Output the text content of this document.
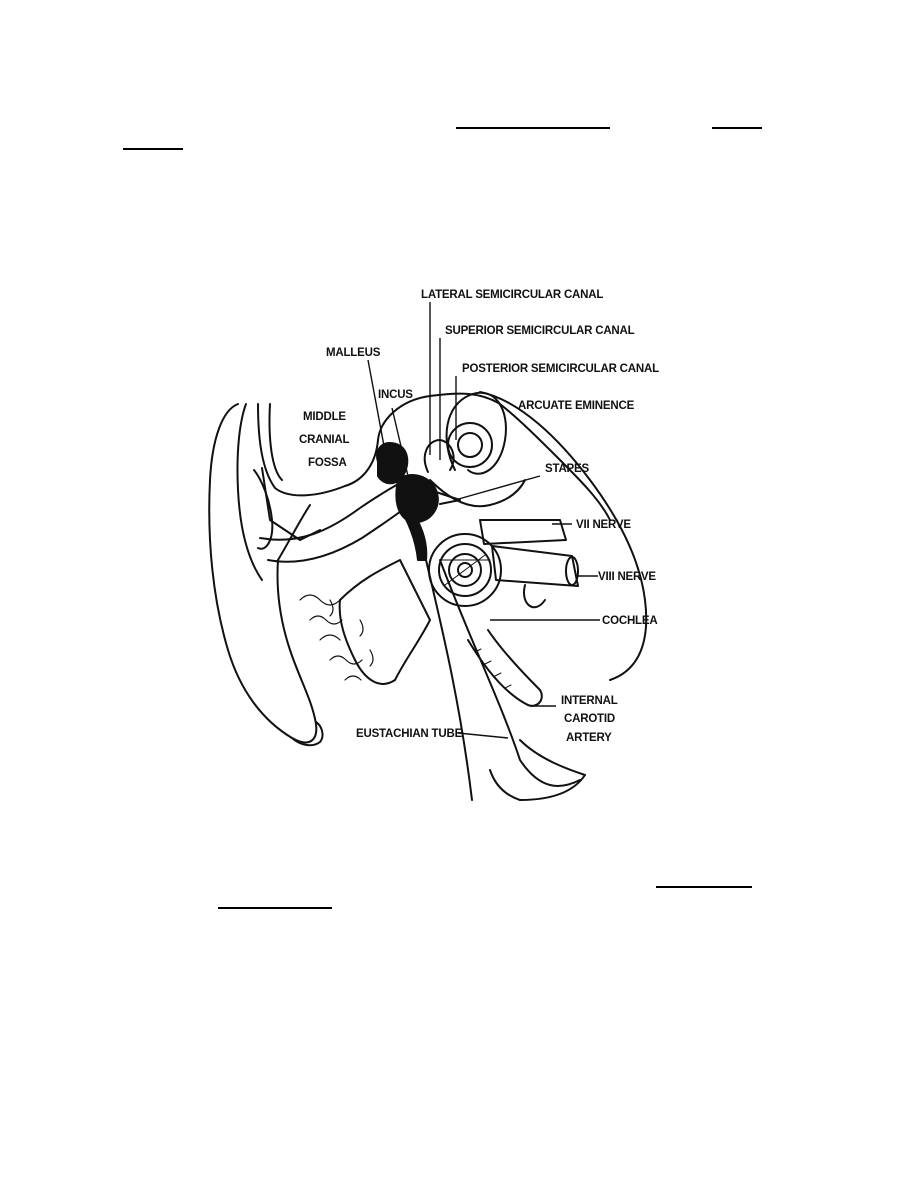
LATERAL SEMICIRCULAR CANAL
SUPERIOR SEMICIRCULAR CANAL
POSTERIOR SEMICIRCULAR CANAL
MALLEUS
INCUS
MIDDLE
CRANIAL
FOSSA
ARCUATE EMINENCE
STAPES
VII NERVE
VIII NERVE
COCHLEA
INTERNAL
CAROTID
ARTERY
EUSTACHIAN TUBE
